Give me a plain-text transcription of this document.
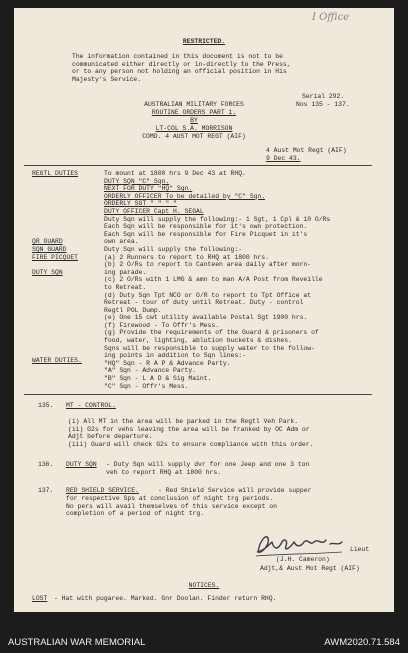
I Office
RESTRICTED.
The information contained in this document is not to be
communicated either directly or in-directly to the Press,
or to any person not holding an official position in His
Majesty's Service.
Serial 292.
Nos 135 - 137.
AUSTRALIAN MILITARY FORCES
ROUTINE ORDERS PART 1.
BY
LT-COL S.A. MORRISON
COMD. 4 AUST MOT REGT (AIF)
4 Aust Mot Regt (AIF)
9 Dec 43.
REGTL DUTIES
QR GUARD
SQN GUARD
FIRE PICQUET
DUTY SQN
WATER DUTIES.
To mount at 1800 hrs 9 Dec 43 at RHQ.
DUTY SQN "C" Sqn.
NEXT FOR DUTY "HQ" Sqn.
ORDERLY OFFICER To be detailed by "C" Sqn.
ORDERLY SGT " " " "
DUTY OFFICER Capt H. SEGAL
Duty Sqn will supply the following:- 1 Sgt, 1 Cpl & 10 O/Rs
Each Sqn will be responsible for it's own protection.
Each Sqn will be responsible for Fire Picquet in it's
own area.
Duty Sqn will supply the following:-
(a) 2 Runners to report to RHQ at 1800 hrs.
(b) 2 O/Rs to report to Canteen area daily after morn-
ing parade.
(c) 2 O/Rs with 1 LMG & amn to man A/A Post from Reveille
to Retreat.
(d) Duty Sqn Tpt NCO or O/R to report to Tpt Office at
Retreat - tour of duty until Retreat. Duty - control
Regtl POL Dump.
(e) One 15 cwt utility available Postal Sgt 1900 hrs.
(f) Firewood - To Offr's Mess.
(g) Provide the requirements of the Guard & prisoners of
food, water, lighting, ablution buckets & dishes.
Sqns will be responsible to supply water to the follow-
ing points in addition to Sqn lines:-
"HQ" Sqn - R A P & Advance Party.
"A" Sqn - Advance Party.
"B" Sqn - L A D & Sig Maint.
"C" Sqn - Offr's Mess.
135. MT - CONTROL.
(i) All MT in the area will be parked in the Regtl Veh Park.
(ii) G2s for vehs leaving the area will be franked by OC Adm or
Adjt before departure.
(iii) Guard will check G2s to ensure compliance with this order.
136. DUTY SQN - Duty Sqn will supply dvr for one Jeep and one 3 ton
veh to report RHQ at 1800 hrs.
137. RED SHIELD SERVICE.	- Red Shield Service will provide supper
for respective Sps at conclusion of night trg periods.
No pers will avail themselves of this service except on
completion of a period of night trg.
Lieut
(J.H. Cameron)
Adjt,& Aust Mot Regt (AIF)
NOTICES.
LOST - Hat with pugaree. Marked. Gnr Doolan. Finder return RHQ.
AUSTRALIAN WAR MEMORIAL	AWM2020.71.584
